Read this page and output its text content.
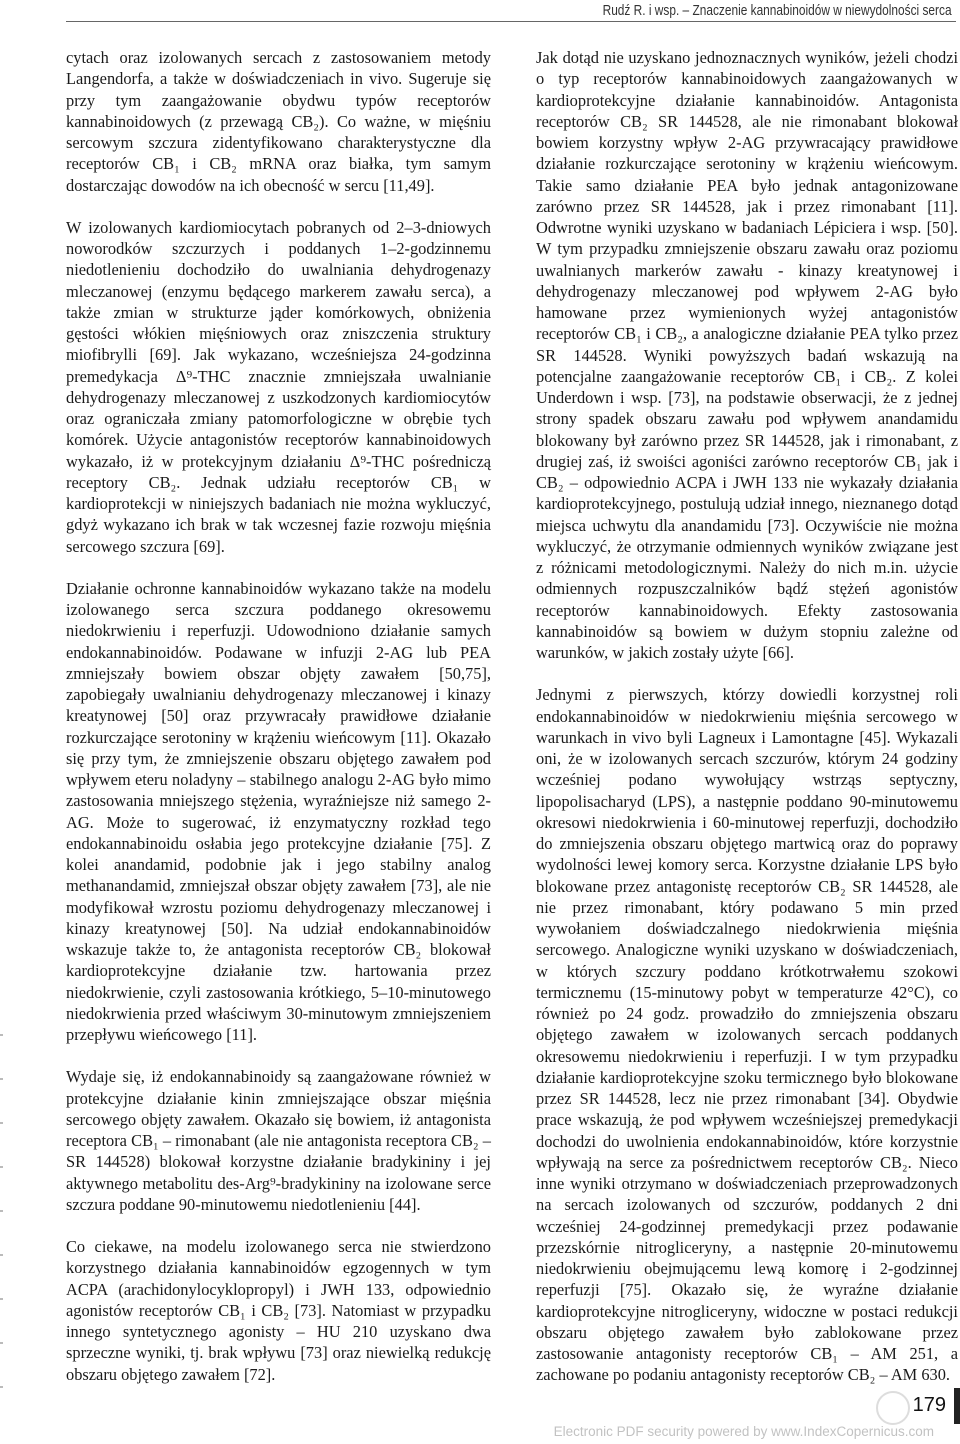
Rudź R. i wsp. – Znaczenie kannabinoidów w niewydolności serca

cytach oraz izolowanych sercach z zastosowaniem metody Langendorfa, a także w doświadczeniach in vivo. Sugeruje się przy tym zaangażowanie obydwu typów receptorów kannabinoidowych (z przewagą CB₂). Co ważne, w mięśniu sercowym szczura zidentyfikowano charakterystyczne dla receptorów CB₁ i CB₂ mRNA oraz białka, tym samym dostarczając dowodów na ich obecność w sercu [11,49].

W izolowanych kardiomiocytach pobranych od 2–3-dniowych noworodków szczurzych i poddanych 1–2-godzinnemu niedotlenieniu dochodziło do uwalniania dehydrogenazy mleczanowej (enzymu będącego markerem zawału serca), a także zmian w strukturze jąder komórkowych, obniżenia gęstości włókien mięśniowych oraz zniszczenia struktury miofibrylli [69]. Jak wykazano, wcześniejsza 24-godzinna premedykacja Δ⁹-THC znacznie zmniejszała uwalnianie dehydrogenazy mleczanowej z uszkodzonych kardiomiocytów oraz ograniczała zmiany patomorfologiczne w obrębie tych komórek. Użycie antagonistów receptorów kannabinoidowych wykazało, iż w protekcyjnym działaniu Δ⁹-THC pośredniczą receptory CB₂. Jednak udziału receptorów CB₁ w kardioprotekcji w niniejszych badaniach nie można wykluczyć, gdyż wykazano ich brak w tak wczesnej fazie rozwoju mięśnia sercowego szczura [69].

Działanie ochronne kannabinoidów wykazano także na modelu izolowanego serca szczura poddanego okresowemu niedokrwieniu i reperfuzji. Udowodniono działanie samych endokannabinoidów. Podawane w infuzji 2-AG lub PEA zmniejszały bowiem obszar objęty zawałem [50,75], zapobiegały uwalnianiu dehydrogenazy mleczanowej i kinazy kreatynowej [50] oraz przywracały prawidłowe działanie rozkurczające serotoniny w krążeniu wieńcowym [11]. Okazało się przy tym, że zmniejszenie obszaru objętego zawałem pod wpływem eteru noladyny – stabilnego analogu 2-AG było mimo zastosowania mniejszego stężenia, wyraźniejsze niż samego 2-AG. Może to sugerować, iż enzymatyczny rozkład tego endokannabinoidu osłabia jego protekcyjne działanie [75]. Z kolei anandamid, podobnie jak i jego stabilny analog methanandamid, zmniejszał obszar objęty zawałem [73], ale nie modyfikował wzrostu poziomu dehydrogenazy mleczanowej i kinazy kreatynowej [50]. Na udział endokannabinoidów wskazuje także to, że antagonista receptorów CB₂ blokował kardioprotekcyjne działanie tzw. hartowania przez niedokrwienie, czyli zastosowania krótkiego, 5–10-minutowego niedokrwienia przed właściwym 30-minutowym zmniejszeniem przepływu wieńcowego [11].

Wydaje się, iż endokannabinoidy są zaangażowane również w protekcyjne działanie kinin zmniejszające obszar mięśnia sercowego objęty zawałem. Okazało się bowiem, iż antagonista receptora CB₁ – rimonabant (ale nie antagonista receptora CB₂ – SR 144528) blokował korzystne działanie bradykininy i jej aktywnego metabolitu des-Arg⁹-bradykininy na izolowane serce szczura poddane 90-minutowemu niedotlenieniu [44].

Co ciekawe, na modelu izolowanego serca nie stwierdzono korzystnego działania kannabinoidów egzogennych w tym ACPA (arachidonylocyklopropyl) i JWH 133, odpowiednio agonistów receptorów CB₁ i CB₂ [73]. Natomiast w przypadku innego syntetycznego agonisty – HU 210 uzyskano dwa sprzeczne wyniki, tj. brak wpływu [73] oraz niewielką redukcję obszaru objętego zawałem [72].

Jak dotąd nie uzyskano jednoznacznych wyników, jeżeli chodzi o typ receptorów kannabinoidowych zaangażowanych w kardioprotekcyjne działanie kannabinoidów. Antagonista receptorów CB₂ SR 144528, ale nie rimonabant blokował bowiem korzystny wpływ 2-AG przywracający prawidłowe działanie rozkurczające serotoniny w krążeniu wieńcowym. Takie samo działanie PEA było jednak antagonizowane zarówno przez SR 144528, jak i przez rimonabant [11]. Odwrotne wyniki uzyskano w badaniach Lépiciera i wsp. [50]. W tym przypadku zmniejszenie obszaru zawału oraz poziomu uwalnianych markerów zawału - kinazy kreatynowej i dehydrogenazy mleczanowej pod wpływem 2-AG było hamowane przez wymienionych wyżej antagonistów receptorów CB₁ i CB₂, a analogiczne działanie PEA tylko przez SR 144528. Wyniki powyższych badań wskazują na potencjalne zaangażowanie receptorów CB₁ i CB₂. Z kolei Underdown i wsp. [73], na podstawie obserwacji, że z jednej strony spadek obszaru zawału pod wpływem anandamidu blokowany był zarówno przez SR 144528, jak i rimonabant, z drugiej zaś, iż swoiści agoniści zarówno receptorów CB₁ jak i CB₂ – odpowiednio ACPA i JWH 133 nie wykazały działania kardioprotekcyjnego, postulują udział innego, nieznanego dotąd miejsca uchwytu dla anandamidu [73]. Oczywiście nie można wykluczyć, że otrzymanie odmiennych wyników związane jest z różnicami metodologicznymi. Należy do nich m.in. użycie odmiennych rozpuszczalników bądź stężeń agonistów receptorów kannabinoidowych. Efekty zastosowania kannabinoidów są bowiem w dużym stopniu zależne od warunków, w jakich zostały użyte [66].

Jednymi z pierwszych, którzy dowiedli korzystnej roli endokannabinoidów w niedokrwieniu mięśnia sercowego w warunkach in vivo byli Lagneux i Lamontagne [45]. Wykazali oni, że w izolowanych sercach szczurów, którym 24 godziny wcześniej podano wywołujący wstrząs septyczny, lipopolisacharyd (LPS), a następnie poddano 90-minutowemu okresowi niedokrwienia i 60-minutowej reperfuzji, dochodziło do zmniejszenia obszaru objętego martwicą oraz do poprawy wydolności lewej komory serca. Korzystne działanie LPS było blokowane przez antagonistę receptorów CB₂ SR 144528, ale nie przez rimonabant, który podawano 5 min przed wywołaniem doświadczalnego niedokrwienia mięśnia sercowego. Analogiczne wyniki uzyskano w doświadczeniach, w których szczury poddano krótkotrwałemu szokowi termicznemu (15-minutowy pobyt w temperaturze 42°C), co również po 24 godz. prowadziło do zmniejszenia obszaru objętego zawałem w izolowanych sercach poddanych okresowemu niedokrwieniu i reperfuzji. I w tym przypadku działanie kardioprotekcyjne szoku termicznego było blokowane przez SR 144528, lecz nie przez rimonabant [34]. Obydwie prace wskazują, że pod wpływem wcześniejszej premedykacji dochodzi do uwolnienia endokannabinoidów, które korzystnie wpływają na serce za pośrednictwem receptorów CB₂. Nieco inne wyniki otrzymano w doświadczeniach przeprowadzonych na sercach izolowanych od szczurów, poddanych 2 dni wcześniej 24-godzinnej premedykacji przez podawanie przezskórnie nitrogliceryny, a następnie 20-minutowemu niedokrwieniu obejmującemu lewą komorę i 2-godzinnej reperfuzji [75]. Okazało się, że wyraźne działanie kardioprotekcyjne nitrogliceryny, widoczne w postaci redukcji obszaru objętego zawałem było zablokowane przez zastosowanie antagonisty receptorów CB₁ – AM 251, a zachowane po podaniu antagonisty receptorów CB₂ – AM 630.

179
Electronic PDF security powered by www.IndexCopernicus.com
